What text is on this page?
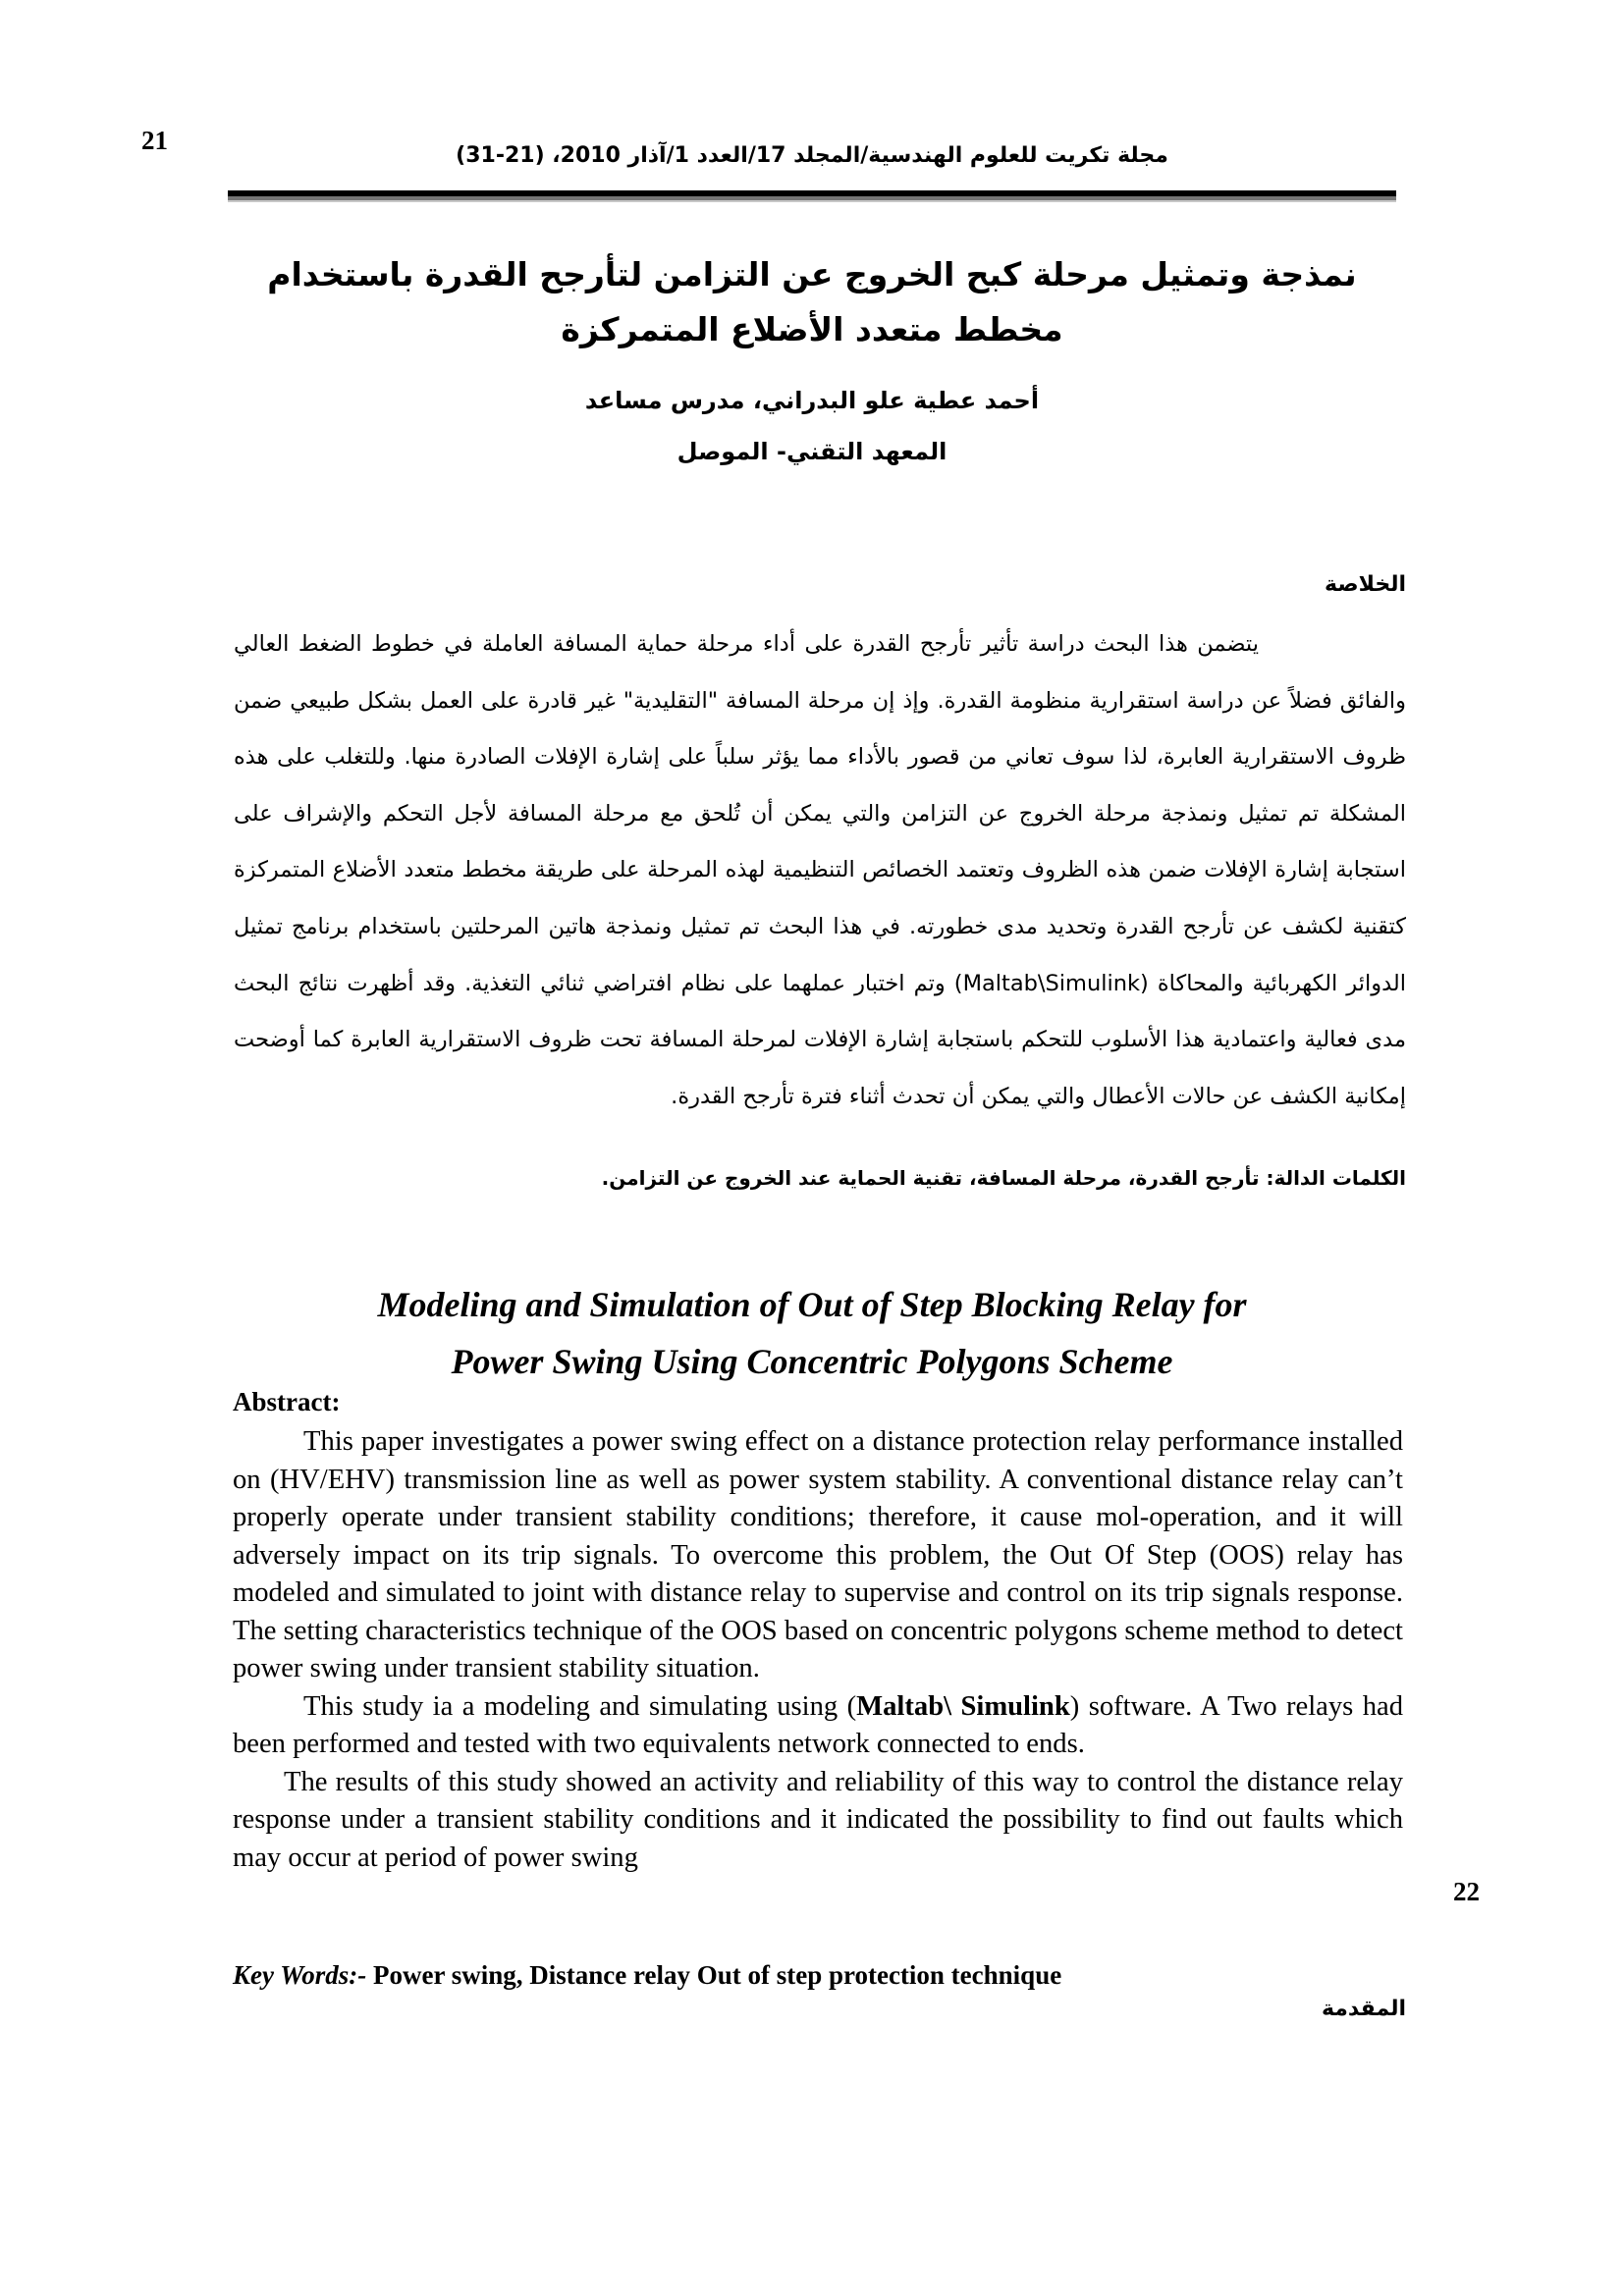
21
مجلة تكريت للعلوم الهندسية/المجلد 17/العدد 1/آذار 2010، (21-31)
نمذجة وتمثيل مرحلة كبح الخروج عن التزامن لتأرجح القدرة باستخدام
مخطط متعدد الأضلاع المتمركزة
أحمد عطية علو البدراني، مدرس مساعد
المعهد التقني- الموصل
الخلاصة

يتضمن هذا البحث دراسة تأثير تأرجح القدرة على أداء مرحلة حماية المسافة العاملة في خطوط الضغط العالي والفائق فضلاً عن دراسة استقرارية منظومة القدرة. وإذ إن مرحلة المسافة "التقليدية" غير قادرة على العمل بشكل طبيعي ضمن ظروف الاستقرارية العابرة، لذا سوف تعاني من قصور بالأداء مما يؤثر سلباً على إشارة الإفلات الصادرة منها. وللتغلب على هذه المشكلة تم تمثيل ونمذجة مرحلة الخروج عن التزامن والتي يمكن أن تُلحق مع مرحلة المسافة لأجل التحكم والإشراف على استجابة إشارة الإفلات ضمن هذه الظروف وتعتمد الخصائص التنظيمية لهذه المرحلة على طريقة مخطط متعدد الأضلاع المتمركزة كتقنية لكشف عن تأرجح القدرة وتحديد مدى خطورته. في هذا البحث تم تمثيل ونمذجة هاتين المرحلتين باستخدام برنامج تمثيل الدوائر الكهربائية والمحاكاة (Maltab\Simulink) وتم اختبار عملهما على نظام افتراضي ثنائي التغذية. وقد أظهرت نتائج البحث مدى فعالية واعتمادية هذا الأسلوب للتحكم باستجابة إشارة الإفلات لمرحلة المسافة تحت ظروف الاستقرارية العابرة كما أوضحت إمكانية الكشف عن حالات الأعطال والتي يمكن أن تحدث أثناء فترة تأرجح القدرة.

الكلمات الدالة: تأرجح القدرة، مرحلة المسافة، تقنية الحماية عند الخروج عن التزامن.
Modeling and Simulation of Out of Step Blocking Relay for
Power Swing Using Concentric Polygons Scheme
Abstract:

This paper investigates a power swing effect on a distance protection relay performance installed on (HV/EHV) transmission line as well as power system stability. A conventional distance relay can’t properly operate under transient stability conditions; therefore, it cause mol-operation, and it will adversely impact on its trip signals. To overcome this problem, the Out Of Step (OOS) relay has modeled and simulated to joint with distance relay to supervise and control on its trip signals response. The setting characteristics technique of the OOS based on concentric polygons scheme method to detect power swing under transient stability situation.

This study ia a modeling and simulating using (Maltab\ Simulink) software. A Two relays had been performed and tested with two equivalents network connected to ends.

The results of this study showed an activity and reliability of this way to control the distance relay response under a transient stability conditions and it indicated the possibility to find out faults which may occur at period of power swing

Key Words:- Power swing, Distance relay Out of step protection technique
22
المقدمة
